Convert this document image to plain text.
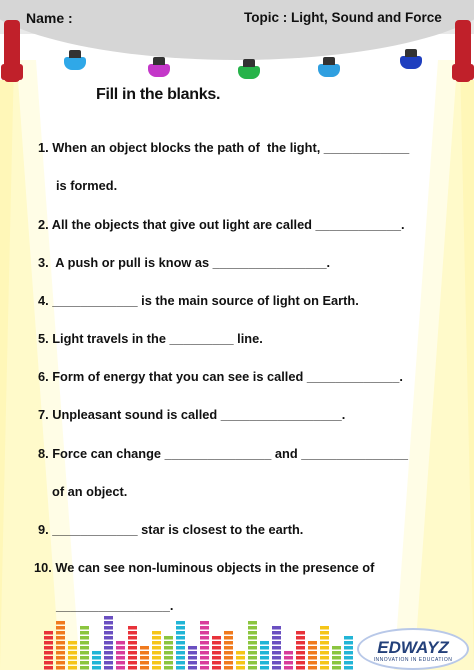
Name :	Topic : Light, Sound and Force
Fill in the blanks.
1. When an object blocks the path of  the light, ____________
is formed.
2. All the objects that give out light are called ____________.
3.  A push or pull is know as ________________.
4. ____________ is the main source of light on Earth.
5. Light travels in the _________ line.
6. Form of energy that you can see is called _____________.
7. Unpleasant sound is called _________________.
8. Force can change _______________ and _______________
of an object.
9. ____________ star is closest to the earth.
10. We can see non-luminous objects in the presence of
________________.
EDWAYZ
INNOVATION IN EDUCATION
